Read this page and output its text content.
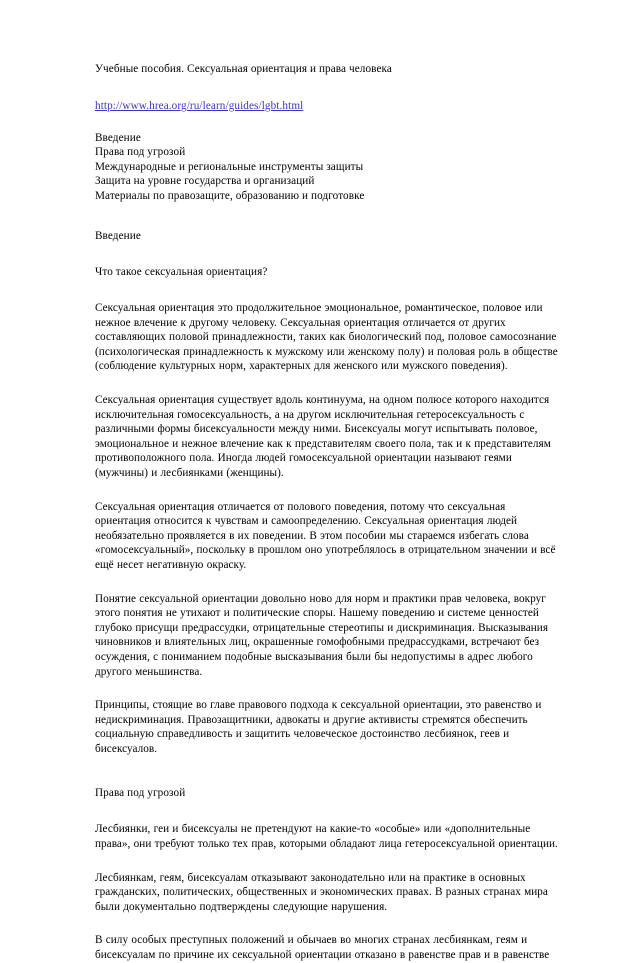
Учебные пособия. Сексуальная ориентация и права человека
http://www.hrea.org/ru/learn/guides/lgbt.html
Введение
Права под угрозой
Международные и региональные инструменты защиты
Защита на уровне государства и организаций
Материалы по правозащите, образованию и подготовке
Введение
Что такое сексуальная ориентация?

Сексуальная ориентация это продолжительное эмоциональное, романтическое, половое или нежное влечение к другому человеку. Сексуальная ориентация отличается от других составляющих половой принадлежности, таких как биологический под, половое самосознание (психологическая принадлежность к мужскому или женскому полу) и половая роль в обществе (соблюдение культурных норм, характерных для женского или мужского поведения).

Сексуальная ориентация существует вдоль континуума, на одном полюсе которого находится исключительная гомосексуальность, а на другом исключительная гетеросексуальность с различными формы бисексуальности между ними. Бисексуалы могут испытывать половое, эмоциональное и нежное влечение как к представителям своего пола, так и к представителям противоположного пола. Иногда людей гомосексуальной ориентации называют геями (мужчины) и лесбиянками (женщины).

Сексуальная ориентация отличается от полового поведения, потому что сексуальная ориентация относится к чувствам и самоопределению. Сексуальная ориентация людей необязательно проявляется в их поведении. В этом пособии мы стараемся избегать слова «гомосексуальный», поскольку в прошлом оно употреблялось в отрицательном значении и всё ещё несет негативную окраску.

Понятие сексуальной ориентации довольно ново для норм и практики прав человека, вокруг этого понятия не утихают и политические споры. Нашему поведению и системе ценностей глубоко присущи предрассудки, отрицательные стереотипы и дискриминация. Высказывания чиновников и влиятельных лиц, окрашенные гомофобными предрассудками, встречают без осуждения, с пониманием подобные высказывания были бы недопустимы в адрес любого другого меньшинства.

Принципы, стоящие во главе правового подхода к сексуальной ориентации, это равенство и недискриминация. Правозащитники, адвокаты и другие активисты стремятся обеспечить социальную справедливость и защитить человеческое достоинство лесбиянок, геев и бисексуалов.

Права под угрозой

Лесбиянки, геи и бисексуалы не претендуют на какие-то «особые» или «дополнительные права», они требуют только тех прав, которыми обладают лица гетеросексуальной ориентации.

Лесбиянкам, геям, бисексуалам отказывают законодательно или на практике в основных гражданских, политических, общественных и экономических правах. В разных странах мира были документально подтверждены следующие нарушения.

В силу особых преступных положений и обычаев во многих странах лесбиянкам, геям и бисексуалам по причине их сексуальной ориентации отказано в равенстве прав и в равенстве
